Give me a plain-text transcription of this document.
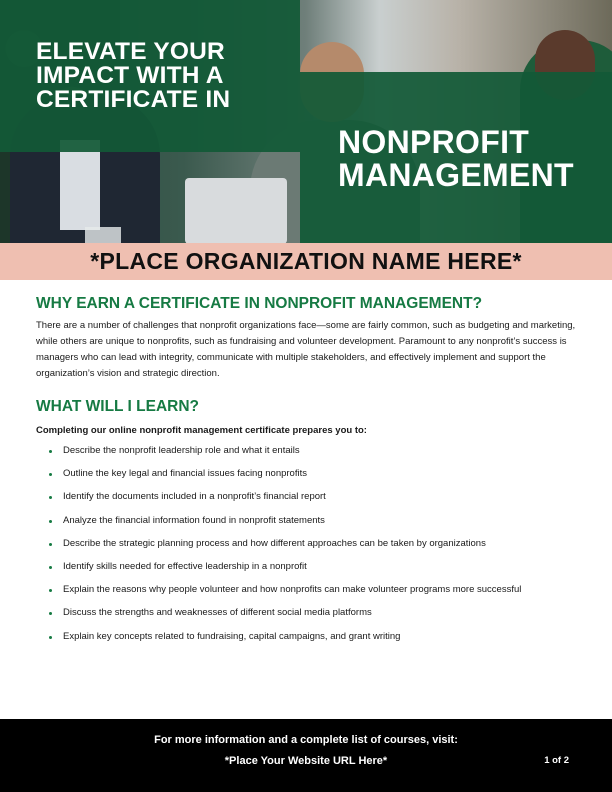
ELEVATE YOUR
IMPACT WITH A
CERTIFICATE IN
NONPROFIT
MANAGEMENT
*PLACE ORGANIZATION NAME HERE*
WHY EARN A CERTIFICATE IN NONPROFIT MANAGEMENT?

There are a number of challenges that nonprofit organizations face—some are fairly common, such as budgeting and marketing, while others are unique to nonprofits, such as fundraising and volunteer development. Paramount to any nonprofit’s success is managers who can lead with integrity, communicate with multiple stakeholders, and effectively implement and support the organization’s vision and strategic direction.

WHAT WILL I LEARN?

Completing our online nonprofit management certificate prepares you to:

Describe the nonprofit leadership role and what it entails
Outline the key legal and financial issues facing nonprofits
Identify the documents included in a nonprofit’s financial report
Analyze the financial information found in nonprofit statements
Describe the strategic planning process and how different approaches can be taken by organizations
Identify skills needed for effective leadership in a nonprofit
Explain the reasons why people volunteer and how nonprofits can make volunteer programs more successful
Discuss the strengths and weaknesses of different social media platforms
Explain key concepts related to fundraising, capital campaigns, and grant writing
For more information and a complete list of courses, visit:
*Place Your Website URL Here*	1 of 2
